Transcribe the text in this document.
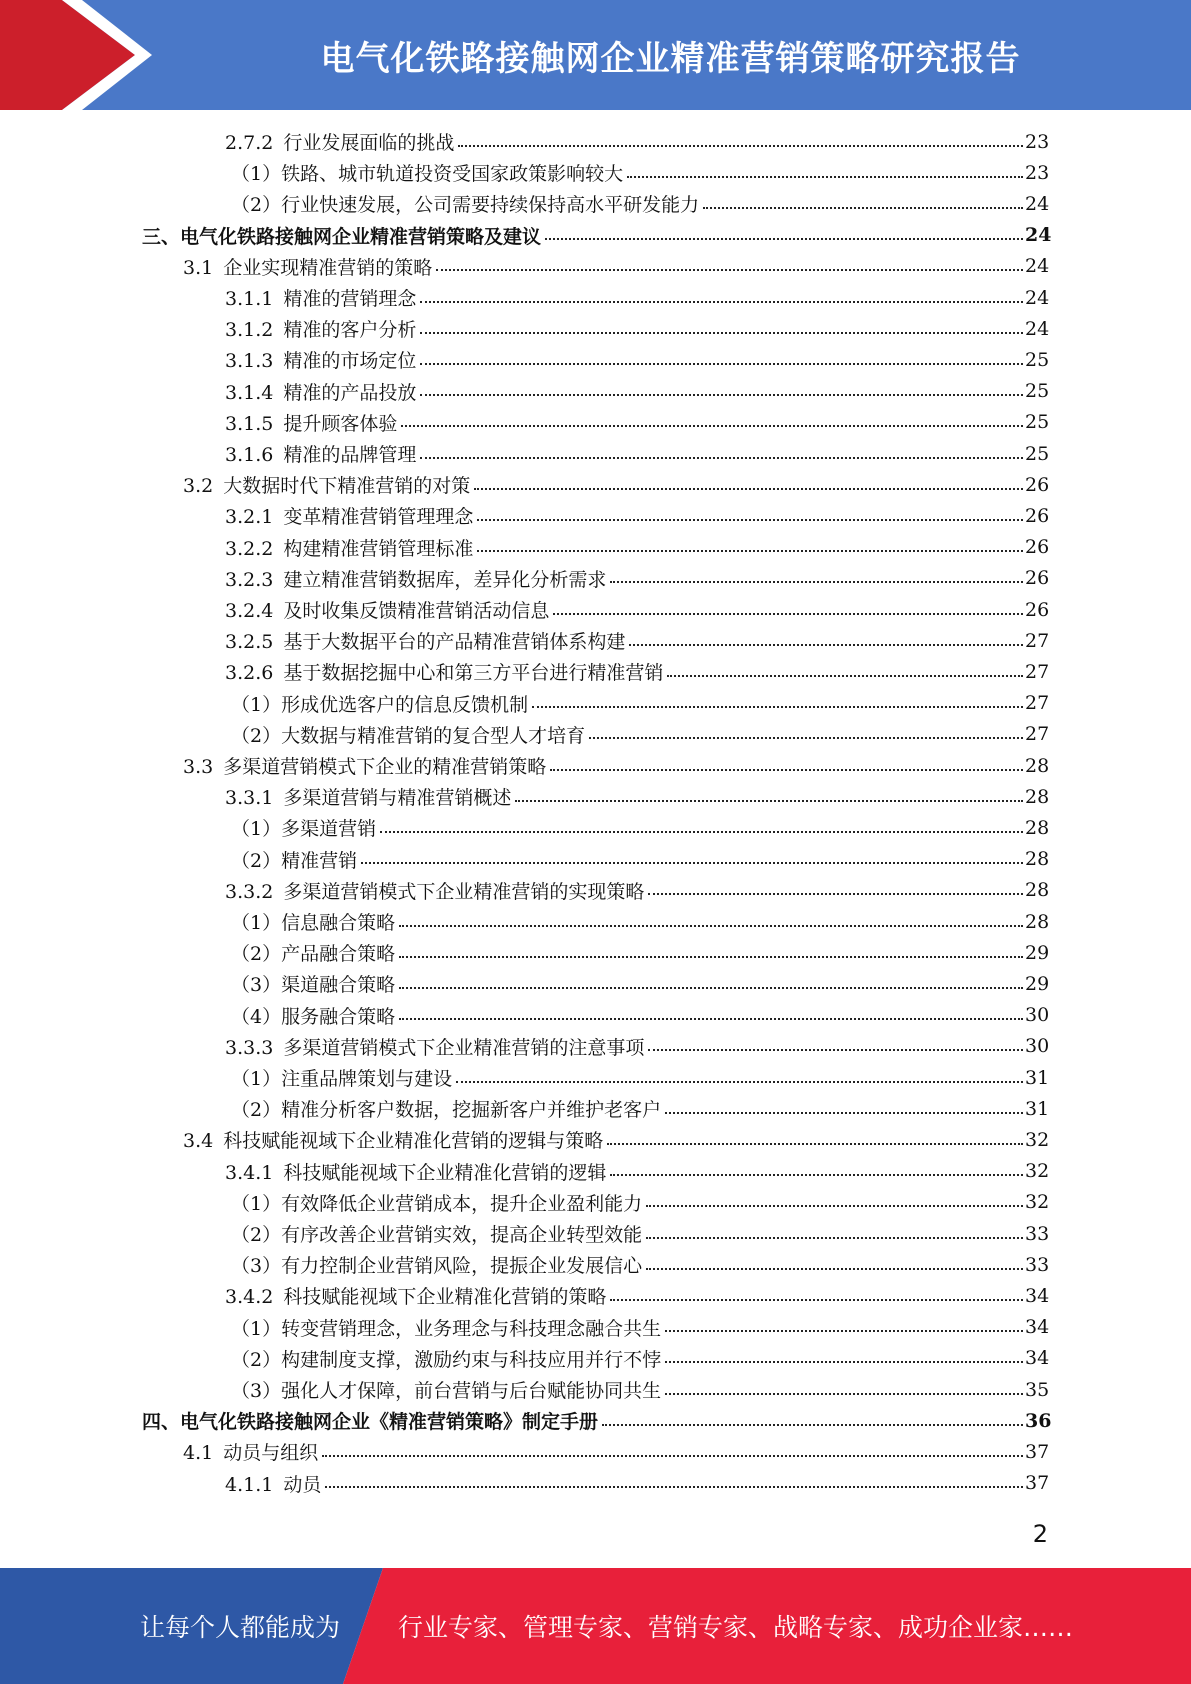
电气化铁路接触网企业精准营销策略研究报告
2.7.2 行业发展面临的挑战	23
（1）铁路、城市轨道投资受国家政策影响较大	23
（2）行业快速发展，公司需要持续保持高水平研发能力	24
三、电气化铁路接触网企业精准营销策略及建议	24
3.1 企业实现精准营销的策略	24
3.1.1 精准的营销理念	24
3.1.2 精准的客户分析	24
3.1.3 精准的市场定位	25
3.1.4 精准的产品投放	25
3.1.5 提升顾客体验	25
3.1.6 精准的品牌管理	25
3.2 大数据时代下精准营销的对策	26
3.2.1 变革精准营销管理理念	26
3.2.2 构建精准营销管理标准	26
3.2.3 建立精准营销数据库，差异化分析需求	26
3.2.4 及时收集反馈精准营销活动信息	26
3.2.5 基于大数据平台的产品精准营销体系构建	27
3.2.6 基于数据挖掘中心和第三方平台进行精准营销	27
（1）形成优选客户的信息反馈机制	27
（2）大数据与精准营销的复合型人才培育	27
3.3 多渠道营销模式下企业的精准营销策略	28
3.3.1 多渠道营销与精准营销概述	28
（1）多渠道营销	28
（2）精准营销	28
3.3.2 多渠道营销模式下企业精准营销的实现策略	28
（1）信息融合策略	28
（2）产品融合策略	29
（3）渠道融合策略	29
（4）服务融合策略	30
3.3.3 多渠道营销模式下企业精准营销的注意事项	30
（1）注重品牌策划与建设	31
（2）精准分析客户数据，挖掘新客户并维护老客户	31
3.4 科技赋能视域下企业精准化营销的逻辑与策略	32
3.4.1 科技赋能视域下企业精准化营销的逻辑	32
（1）有效降低企业营销成本，提升企业盈利能力	32
（2）有序改善企业营销实效，提高企业转型效能	33
（3）有力控制企业营销风险，提振企业发展信心	33
3.4.2 科技赋能视域下企业精准化营销的策略	34
（1）转变营销理念，业务理念与科技理念融合共生	34
（2）构建制度支撑，激励约束与科技应用并行不悖	34
（3）强化人才保障，前台营销与后台赋能协同共生	35
四、电气化铁路接触网企业《精准营销策略》制定手册	36
4.1 动员与组织	37
4.1.1 动员	37
2
让每个人都能成为 行业专家、管理专家、营销专家、战略专家、成功企业家……
